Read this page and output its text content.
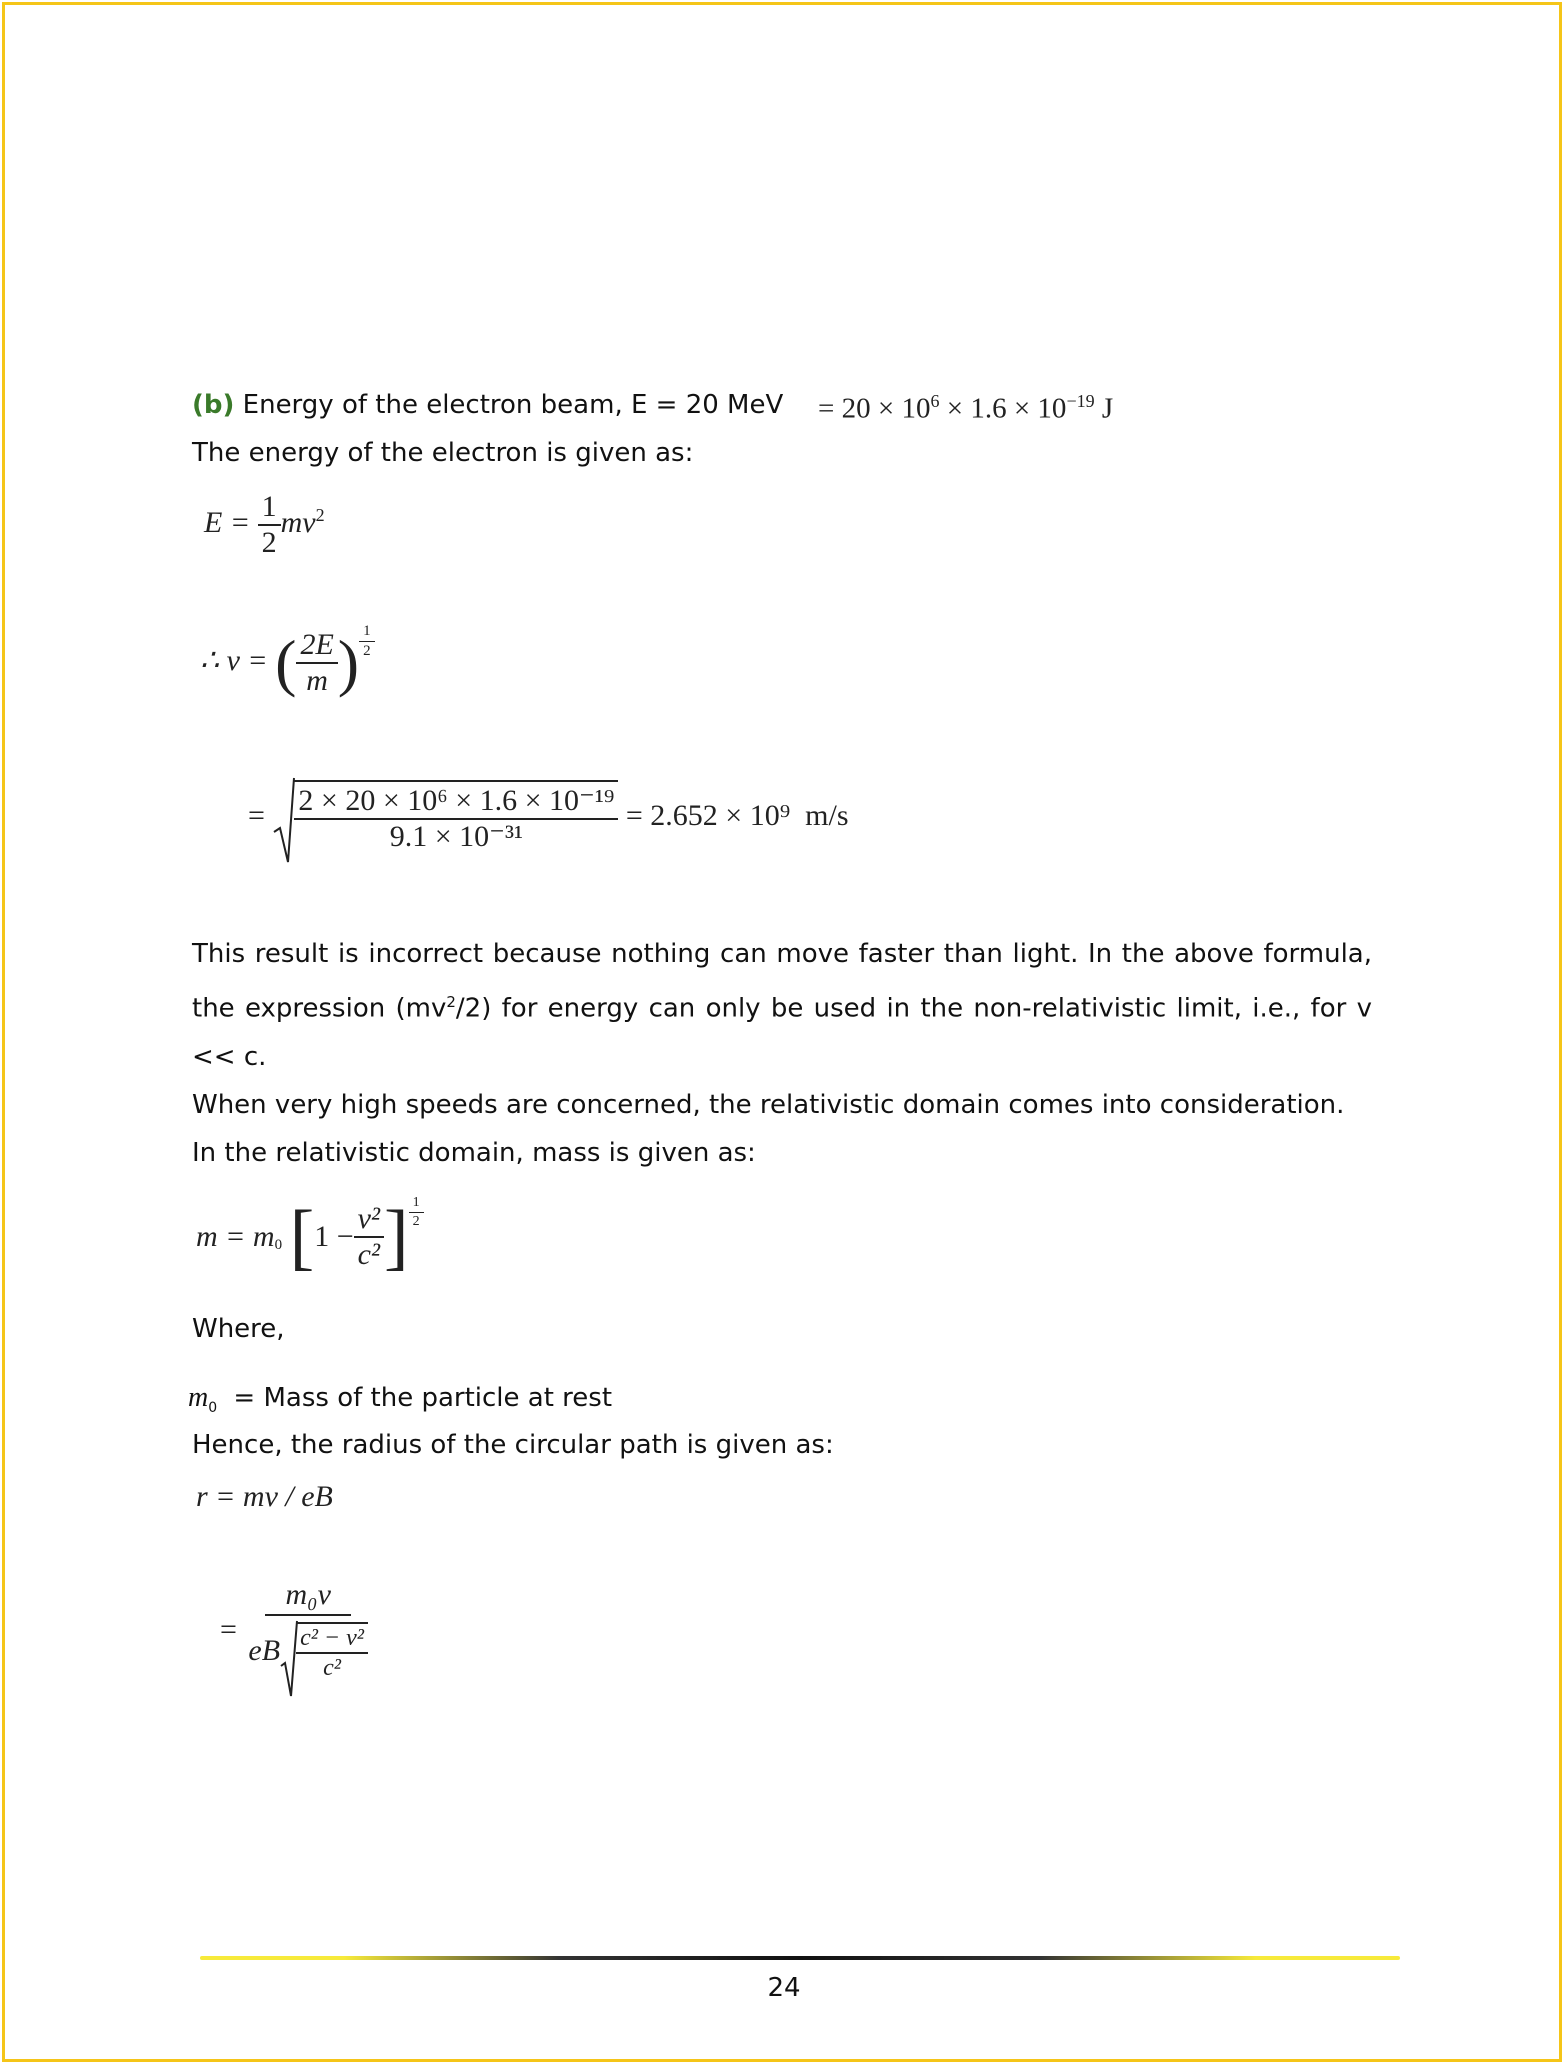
(b) Energy of the electron beam, E = 20 MeV = $20 \times 10^6 \times 1.6 \times 10^{-19}$ J
The energy of the electron is given as:
$E = \frac{1}{2} mv^2$
∴ v = ( $\frac{2E}{m}$ ) $\frac{1}{2}$
= $\frac{\text{2 × 20 × 10⁶ × 1.6 × 10⁻¹⁹}}{\text{9.1 × 10⁻³¹}} = 2.652 \times 10^9$  m/s
This result is incorrect because nothing can move faster than light. In the above formula, the expression $(mv^2/2)$ for energy can only be used in the non-relativistic limit, i.e., for v << c.
When very high speeds are concerned, the relativistic domain comes into consideration.
In the relativistic domain, mass is given as:
$m = m_0$ [$1 - \frac{\text{v²}}{\text{c²}}$ ] $\frac{1}{2}$
Where,
$m_0$ = Mass of the particle at rest
Hence, the radius of the circular path is given as:
r = mv / eB
= $\frac{\text{m₀v}}{eB \frac{\text{c² − v²}}{\text{c²}}}$
24
